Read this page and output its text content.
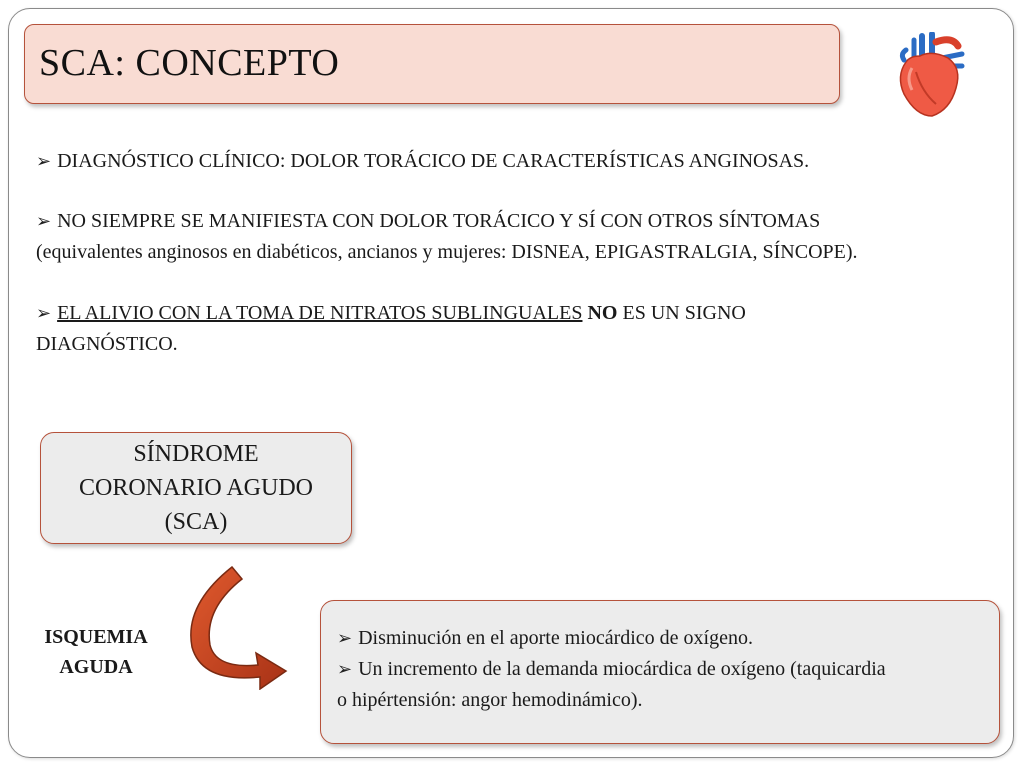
SCA: CONCEPTO
➢ DIAGNÓSTICO CLÍNICO: DOLOR TORÁCICO DE CARACTERÍSTICAS ANGINOSAS.
➢ NO SIEMPRE SE MANIFIESTA CON DOLOR TORÁCICO Y SÍ CON OTROS SÍNTOMAS
(equivalentes anginosos en diabéticos, ancianos y mujeres: DISNEA, EPIGASTRALGIA, SÍNCOPE).
➢ EL ALIVIO CON LA TOMA DE NITRATOS SUBLINGUALES NO ES UN SIGNO
DIAGNÓSTICO.
SÍNDROME
CORONARIO AGUDO
(SCA)
ISQUEMIA
AGUDA
➢ Disminución en el aporte miocárdico de oxígeno.
➢ Un incremento de la demanda miocárdica de oxígeno (taquicardia
o hipértensión: angor hemodinámico).
